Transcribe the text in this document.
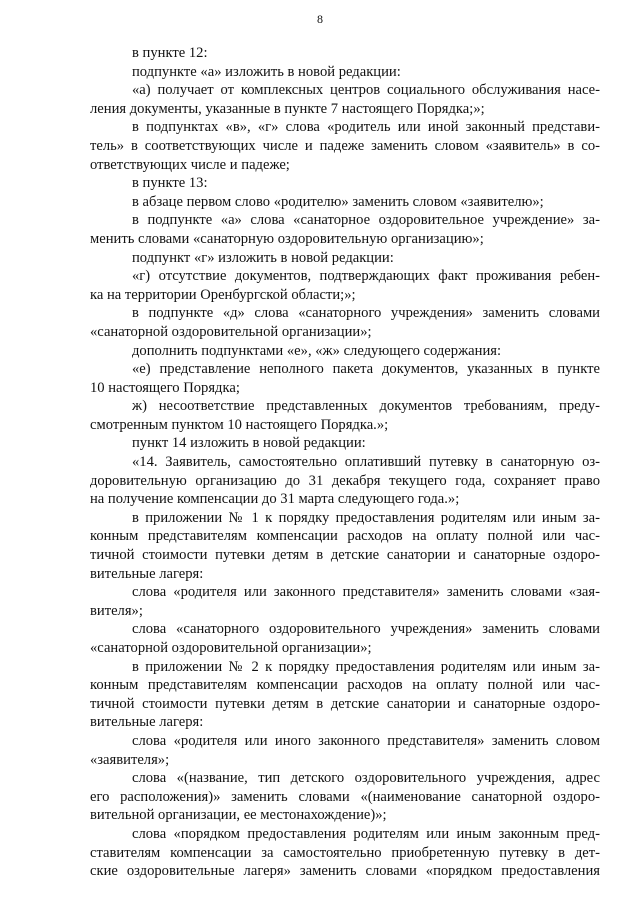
8
в пункте 12:
подпункте «а» изложить в новой редакции:
«а) получает от комплексных центров социального обслуживания насе-
ления документы, указанные в пункте 7 настоящего Порядка;»;
в подпунктах «в», «г» слова «родитель или иной законный представи-
тель» в соответствующих числе и падеже заменить словом «заявитель» в со-
ответствующих числе и падеже;
в пункте 13:
в абзаце первом слово «родителю» заменить словом «заявителю»;
в подпункте «а» слова «санаторное оздоровительное учреждение» за-
менить словами «санаторную оздоровительную организацию»;
подпункт «г» изложить в новой редакции:
«г) отсутствие документов, подтверждающих факт проживания ребен-
ка на территории Оренбургской области;»;
в подпункте «д» слова «санаторного учреждения» заменить словами
«санаторной оздоровительной организации»;
дополнить подпунктами «е», «ж» следующего содержания:
«е) представление неполного пакета документов, указанных в пункте
10 настоящего Порядка;
ж) несоответствие представленных документов требованиям, преду-
смотренным пунктом 10 настоящего Порядка.»;
пункт 14 изложить в новой редакции:
«14. Заявитель, самостоятельно оплативший путевку в санаторную оз-
доровительную организацию до 31 декабря текущего года, сохраняет право
на получение компенсации до 31 марта следующего года.»;
в приложении № 1 к порядку предоставления родителям или иным за-
конным представителям компенсации расходов на оплату полной или час-
тичной стоимости путевки детям в детские санатории и санаторные оздоро-
вительные лагеря:
слова «родителя или законного представителя» заменить словами «зая-
вителя»;
слова «санаторного оздоровительного учреждения» заменить словами
«санаторной оздоровительной организации»;
в приложении № 2 к порядку предоставления родителям или иным за-
конным представителям компенсации расходов на оплату полной или час-
тичной стоимости путевки детям в детские санатории и санаторные оздоро-
вительные лагеря:
слова «родителя или иного законного представителя» заменить словом
«заявителя»;
слова «(название, тип детского оздоровительного учреждения, адрес
его расположения)» заменить словами «(наименование санаторной оздоро-
вительной организации, ее местонахождение)»;
слова «порядком предоставления родителям или иным законным пред-
ставителям компенсации за самостоятельно приобретенную путевку в дет-
ские оздоровительные лагеря» заменить словами «порядком предоставления
